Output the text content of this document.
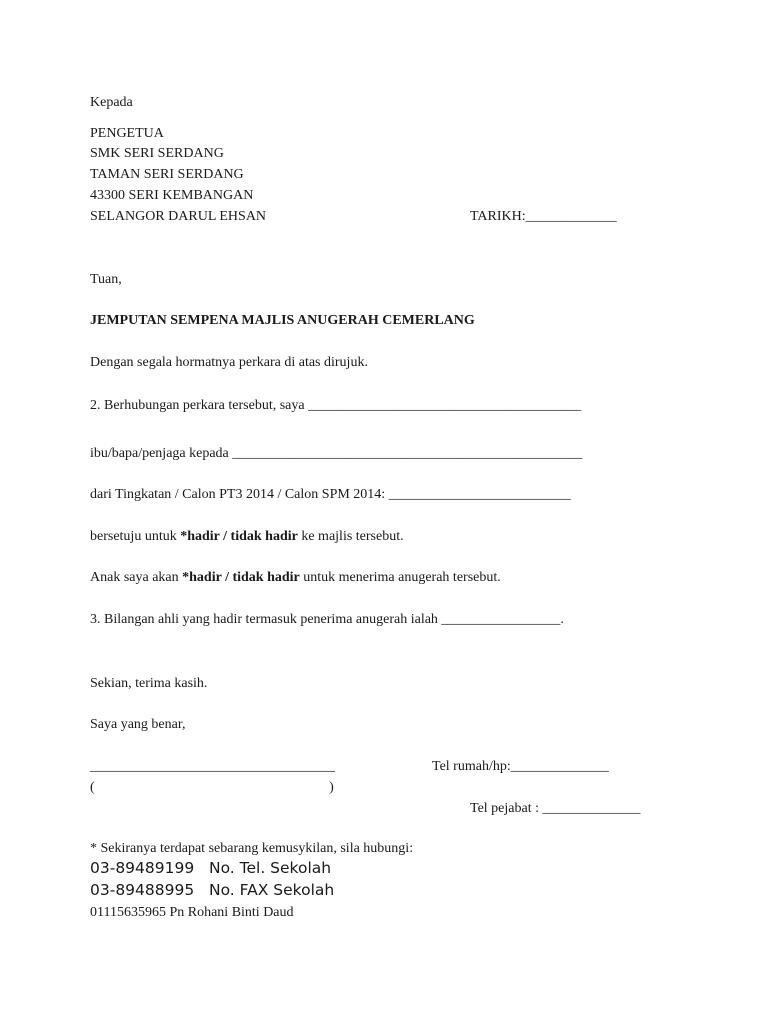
Kepada
PENGETUA
SMK SERI SERDANG
TAMAN SERI SERDANG
43300 SERI KEMBANGAN
SELANGOR DARUL EHSAN	TARIKH:_____________
Tuan,
JEMPUTAN SEMPENA MAJLIS ANUGERAH CEMERLANG
Dengan segala hormatnya perkara di atas dirujuk.
2. Berhubungan perkara tersebut, saya _______________________________________
ibu/bapa/penjaga kepada __________________________________________________
dari Tingkatan / Calon PT3 2014 / Calon SPM 2014: __________________________
bersetuju untuk *hadir / tidak hadir ke majlis tersebut.
Anak saya akan *hadir / tidak hadir untuk menerima anugerah tersebut.
3. Bilangan ahli yang hadir termasuk penerima anugerah ialah _________________.
Sekian, terima kasih.
Saya yang benar,
___________________________________	Tel rumah/hp:______________
(                                                                   )
Tel pejabat : ______________
* Sekiranya terdapat sebarang kemusykilan, sila hubungi:
03-89489199   No. Tel. Sekolah
03-89488995   No. FAX Sekolah
01115635965 Pn Rohani Binti Daud
